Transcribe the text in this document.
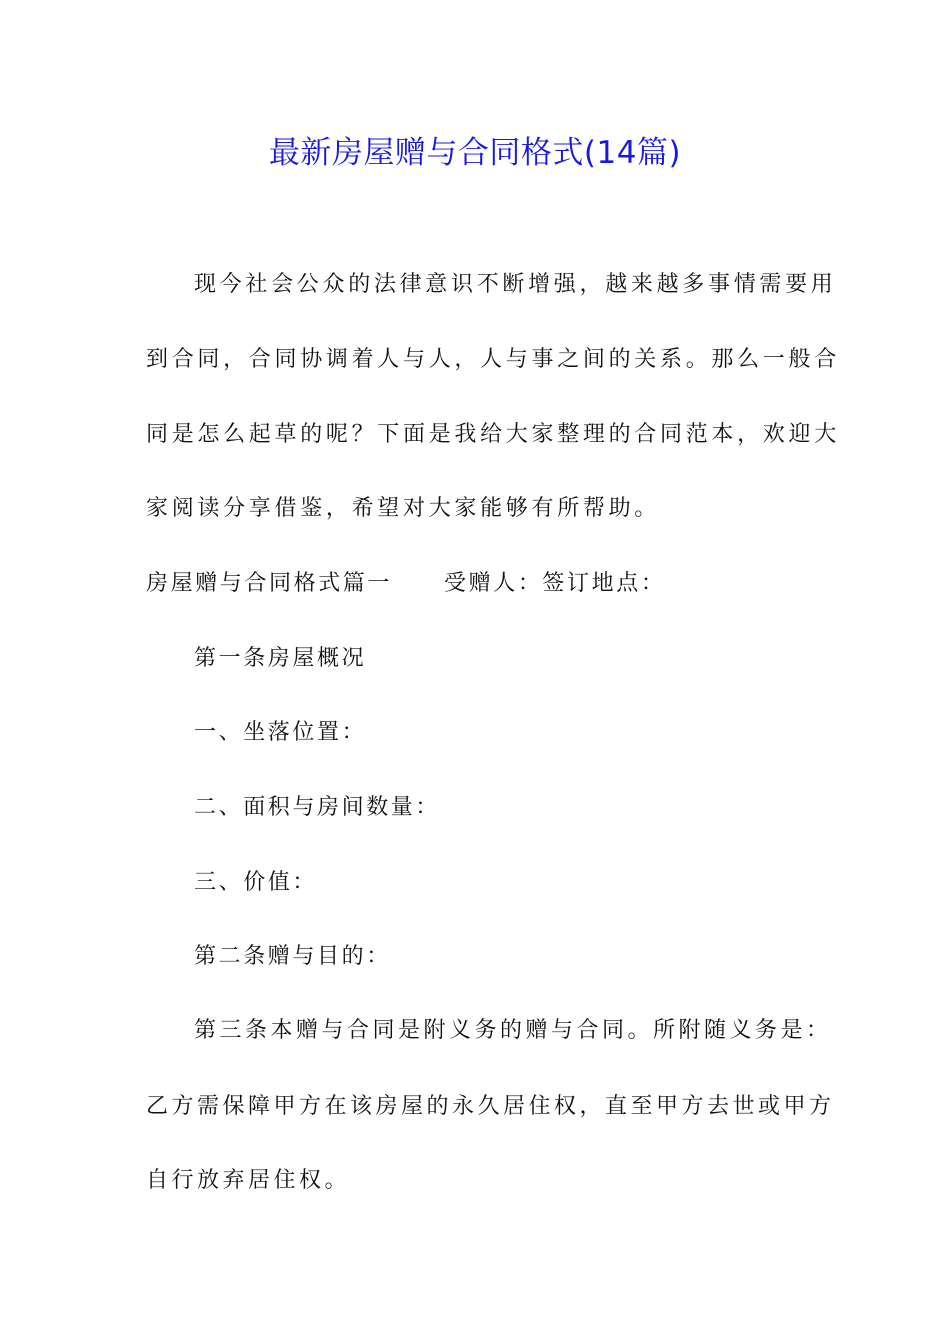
最新房屋赠与合同格式(14篇)
现今社会公众的法律意识不断增强，越来越多事情需要用
到合同，合同协调着人与人，人与事之间的关系。那么一般合
同是怎么起草的呢？下面是我给大家整理的合同范本，欢迎大
家阅读分享借鉴，希望对大家能够有所帮助。
房屋赠与合同格式篇一 受赠人：签订地点：
第一条房屋概况
一、坐落位置：
二、面积与房间数量：
三、价值：
第二条赠与目的：
第三条本赠与合同是附义务的赠与合同。所附随义务是：
乙方需保障甲方在该房屋的永久居住权，直至甲方去世或甲方
自行放弃居住权。
